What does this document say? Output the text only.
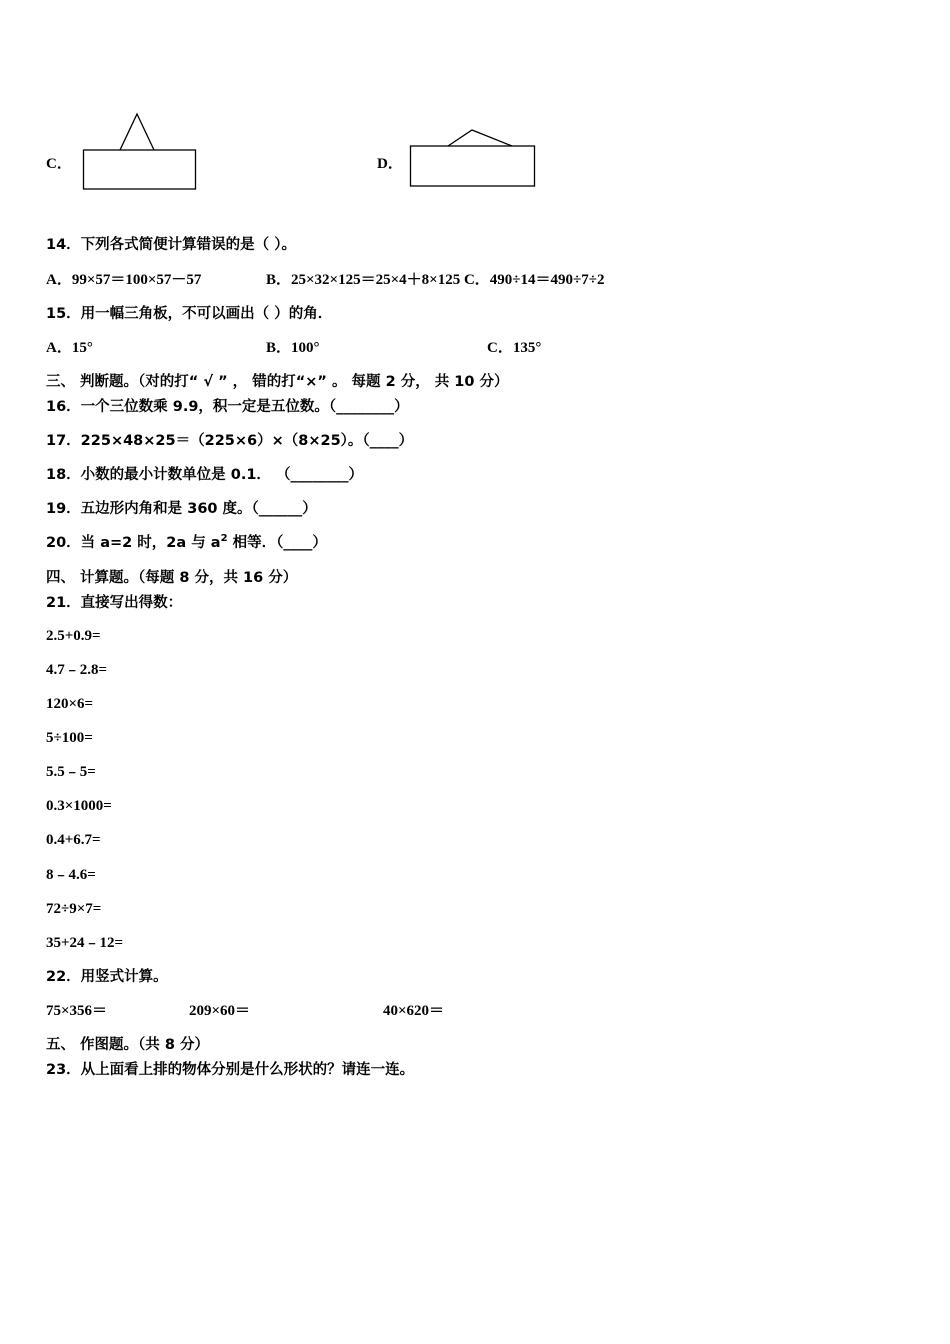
C．	D．
14．下列各式简便计算错误的是（ ）。
A．99×57＝100×57－57	B．25×32×125＝25×4＋8×125 C．490÷14＝490÷7÷2
15．用一幅三角板，不可以画出（ ）的角．
A．15°	B．100°	C．135°
三、 判断题。（对的打“ √ ” ， 错的打“×” 。 每题 2 分， 共 10 分）
16．一个三位数乘 9.9，积一定是五位数。（________）
17．225×48×25＝（225×6）×（8×25）。（____）
18．小数的最小计数单位是 0.1． （________）
19．五边形内角和是 360 度。（______）
20．当 a=2 时，2a 与 $a^2$ 相等．（____）
四、 计算题。（每题 8 分，共 16 分）
21．直接写出得数：
2.5+0.9=
4.7﹣2.8=
120×6=
5÷100=
5.5﹣5=
0.3×1000=
0.4+6.7=
8﹣4.6=
72÷9×7=
35+24﹣12=
22．用竖式计算。
75×356＝	209×60＝	40×620＝
五、 作图题。（共 8 分）
23．从上面看上排的物体分别是什么形状的？请连一连。
